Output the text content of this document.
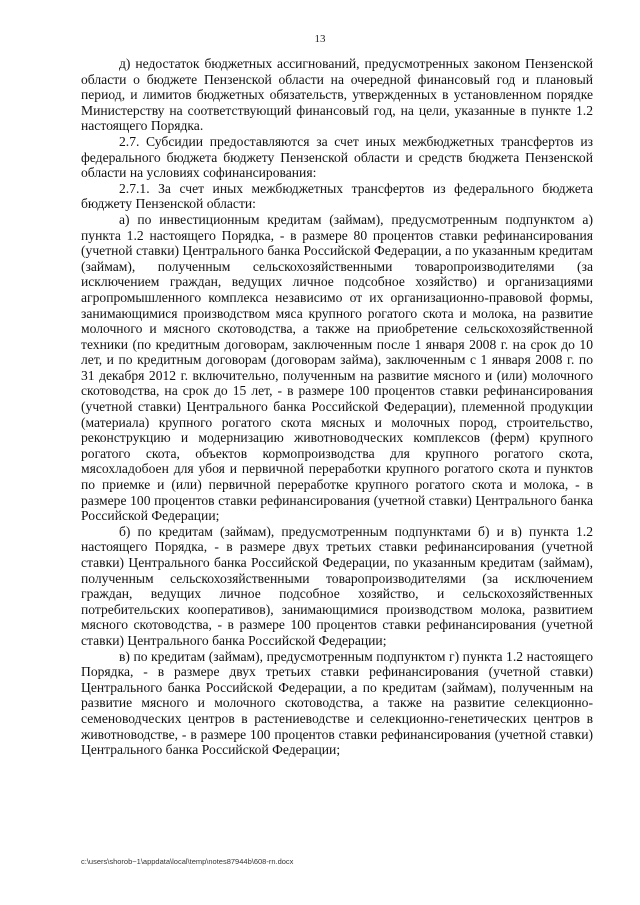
13

д) недостаток бюджетных ассигнований, предусмотренных законом Пензенской области о бюджете Пензенской области на очередной финансовый год и плановый период, и лимитов бюджетных обязательств, утвержденных в установленном порядке Министерству на соответствующий финансовый год, на цели, указанные в пункте 1.2 настоящего Порядка.

2.7. Субсидии предоставляются за счет иных межбюджетных трансфертов из федерального бюджета бюджету Пензенской области и средств бюджета Пензенской области на условиях софинансирования:

2.7.1. За счет иных межбюджетных трансфертов из федерального бюджета бюджету Пензенской области:

а) по инвестиционным кредитам (займам), предусмотренным подпунктом а) пункта 1.2 настоящего Порядка, - в размере 80 процентов ставки рефинансирования (учетной ставки) Центрального банка Российской Федерации, а по указанным кредитам (займам), полученным сельскохозяйственными товаропроизводителями (за исключением граждан, ведущих личное подсобное хозяйство) и организациями агропромышленного комплекса независимо от их организационно-правовой формы, занимающимися производством мяса крупного рогатого скота и молока, на развитие молочного и мясного скотоводства, а также на приобретение сельскохозяйственной техники (по кредитным договорам, заключенным после 1 января 2008 г. на срок до 10 лет, и по кредитным договорам (договорам займа), заключенным с 1 января 2008 г. по 31 декабря 2012 г. включительно, полученным на развитие мясного и (или) молочного скотоводства, на срок до 15 лет, - в размере 100 процентов ставки рефинансирования (учетной ставки) Центрального банка Российской Федерации), племенной продукции (материала) крупного рогатого скота мясных и молочных пород, строительство, реконструкцию и модернизацию животноводческих комплексов (ферм) крупного рогатого скота, объектов кормопроизводства для крупного рогатого скота, мясохладобоен для убоя и первичной переработки крупного рогатого скота и пунктов по приемке и (или) первичной переработке крупного рогатого скота и молока, - в размере 100 процентов ставки рефинансирования (учетной ставки) Центрального банка Российской Федерации;

б) по кредитам (займам), предусмотренным подпунктами б) и в) пункта 1.2 настоящего Порядка, - в размере двух третьих ставки рефинансирования (учетной ставки) Центрального банка Российской Федерации, по указанным кредитам (займам), полученным сельскохозяйственными товаропроизводителями (за исключением граждан, ведущих личное подсобное хозяйство, и сельскохозяйственных потребительских кооперативов), занимающимися производством молока, развитием мясного скотоводства, - в размере 100 процентов ставки рефинансирования (учетной ставки) Центрального банка Российской Федерации;

в) по кредитам (займам), предусмотренным подпунктом г) пункта 1.2 настоящего Порядка, - в размере двух третьих ставки рефинансирования (учетной ставки) Центрального банка Российской Федерации, а по кредитам (займам), полученным на развитие мясного и молочного скотоводства, а также на развитие селекционно-семеноводческих центров в растениеводстве и селекционно-генетических центров в животноводстве, - в размере 100 процентов ставки рефинансирования (учетной ставки) Центрального банка Российской Федерации;

c:\users\shorob~1\appdata\local\temp\notes87944b\608-rn.docx
